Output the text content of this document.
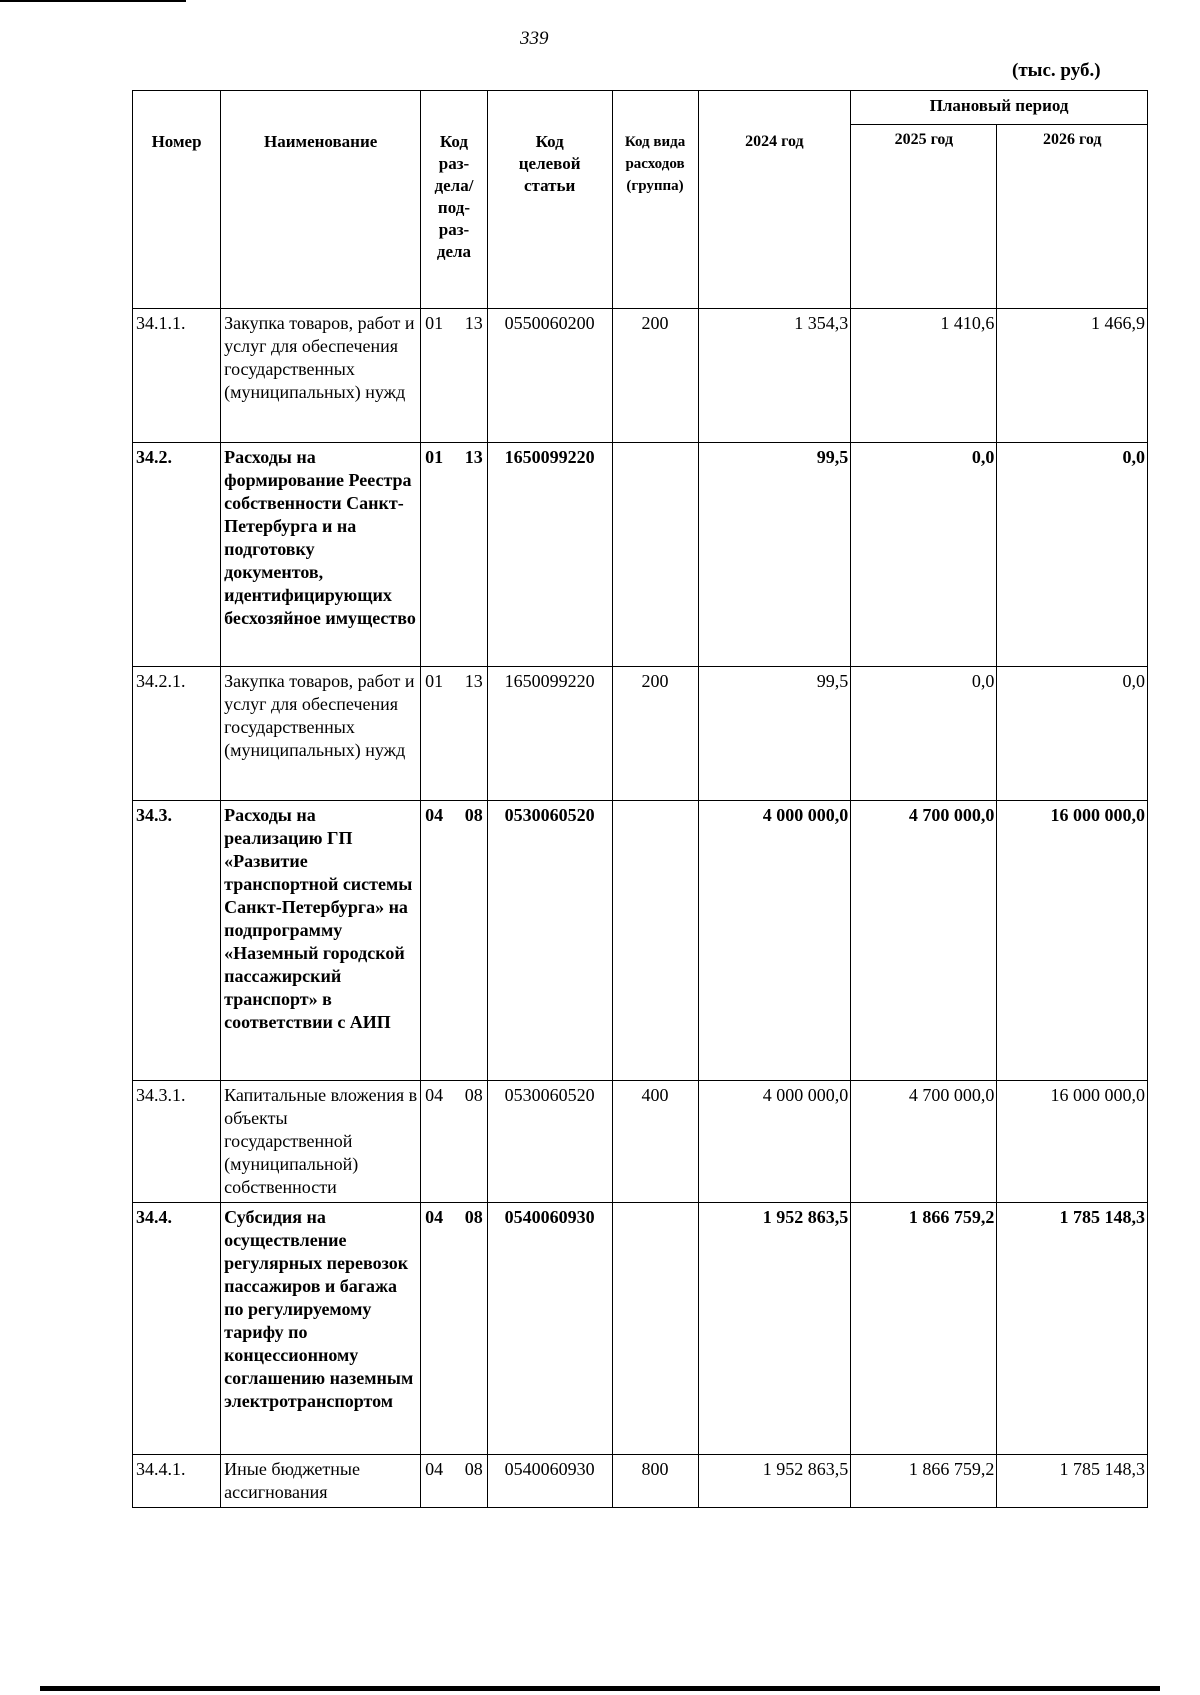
339
(тыс. руб.)
Номер	Наименование	Код раз- дела/ под- раз- дела	Код целевой статьи	Код вида расходов (группа)	2024 год	Плановый период	
						2025 год	2026 год
34.1.1.	Закупка товаров, работ и услуг для обеспечения государственных (муниципальных) нужд	01 13	0550060200	200	1 354,3	1 410,6	1 466,9
34.2.	Расходы на формирование Реестра собственности Санкт-Петербурга и на подготовку документов, идентифицирующих бесхозяйное имущество	01 13	1650099220		99,5	0,0	0,0
34.2.1.	Закупка товаров, работ и услуг для обеспечения государственных (муниципальных) нужд	01 13	1650099220	200	99,5	0,0	0,0
34.3.	Расходы на реализацию ГП «Развитие транспортной системы Санкт-Петербурга» на подпрограмму «Наземный городской пассажирский транспорт» в соответствии с АИП	04 08	0530060520		4 000 000,0	4 700 000,0	16 000 000,0
34.3.1.	Капитальные вложения в объекты государственной (муниципальной) собственности	04 08	0530060520	400	4 000 000,0	4 700 000,0	16 000 000,0
34.4.	Субсидия на осуществление регулярных перевозок пассажиров и багажа по регулируемому тарифу по концессионному соглашению наземным электротранспортом	04 08	0540060930		1 952 863,5	1 866 759,2	1 785 148,3
34.4.1.	Иные бюджетные ассигнования	04 08	0540060930	800	1 952 863,5	1 866 759,2	1 785 148,3
